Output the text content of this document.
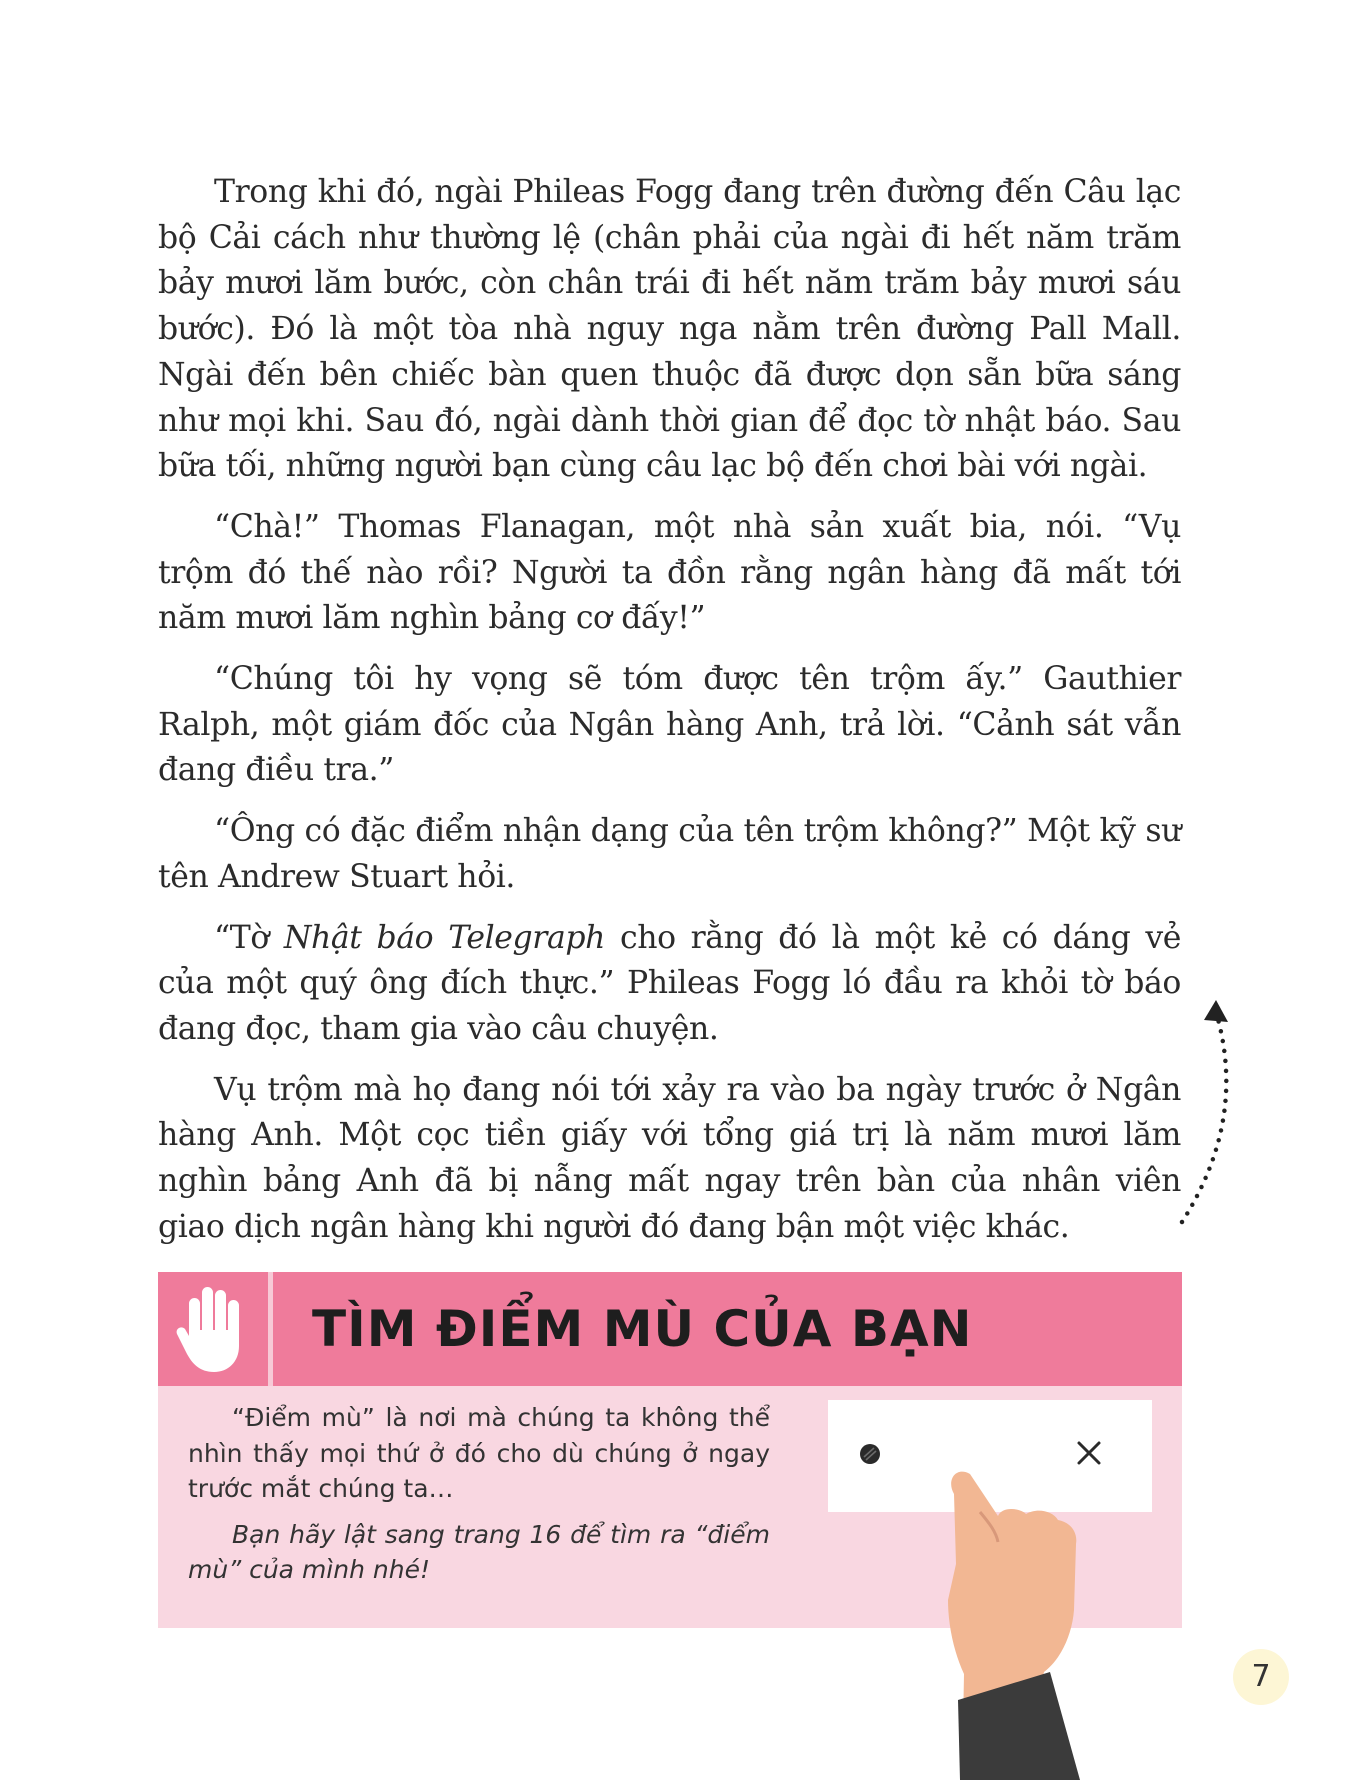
Trong khi đó, ngài Phileas Fogg đang trên đường đến Câu lạc bộ Cải cách như thường lệ (chân phải của ngài đi hết năm trăm bảy mươi lăm bước, còn chân trái đi hết năm trăm bảy mươi sáu bước). Đó là một tòa nhà nguy nga nằm trên đường Pall Mall. Ngài đến bên chiếc bàn quen thuộc đã được dọn sẵn bữa sáng như mọi khi. Sau đó, ngài dành thời gian để đọc tờ nhật báo. Sau bữa tối, những người bạn cùng câu lạc bộ đến chơi bài với ngài.

“Chà!” Thomas Flanagan, một nhà sản xuất bia, nói. “Vụ trộm đó thế nào rồi? Người ta đồn rằng ngân hàng đã mất tới năm mươi lăm nghìn bảng cơ đấy!”

“Chúng tôi hy vọng sẽ tóm được tên trộm ấy.” Gauthier Ralph, một giám đốc của Ngân hàng Anh, trả lời. “Cảnh sát vẫn đang điều tra.”

“Ông có đặc điểm nhận dạng của tên trộm không?” Một kỹ sư tên Andrew Stuart hỏi.

“Tờ Nhật báo Telegraph cho rằng đó là một kẻ có dáng vẻ của một quý ông đích thực.” Phileas Fogg ló đầu ra khỏi tờ báo đang đọc, tham gia vào câu chuyện.

Vụ trộm mà họ đang nói tới xảy ra vào ba ngày trước ở Ngân hàng Anh. Một cọc tiền giấy với tổng giá trị là năm mươi lăm nghìn bảng Anh đã bị nẫng mất ngay trên bàn của nhân viên giao dịch ngân hàng khi người đó đang bận một việc khác.

TÌM ĐIỂM MÙ CỦA BẠN

“Điểm mù” là nơi mà chúng ta không thể nhìn thấy mọi thứ ở đó cho dù chúng ở ngay trước mắt chúng ta…

Bạn hãy lật sang trang 16 để tìm ra “điểm mù” của mình nhé!

7
